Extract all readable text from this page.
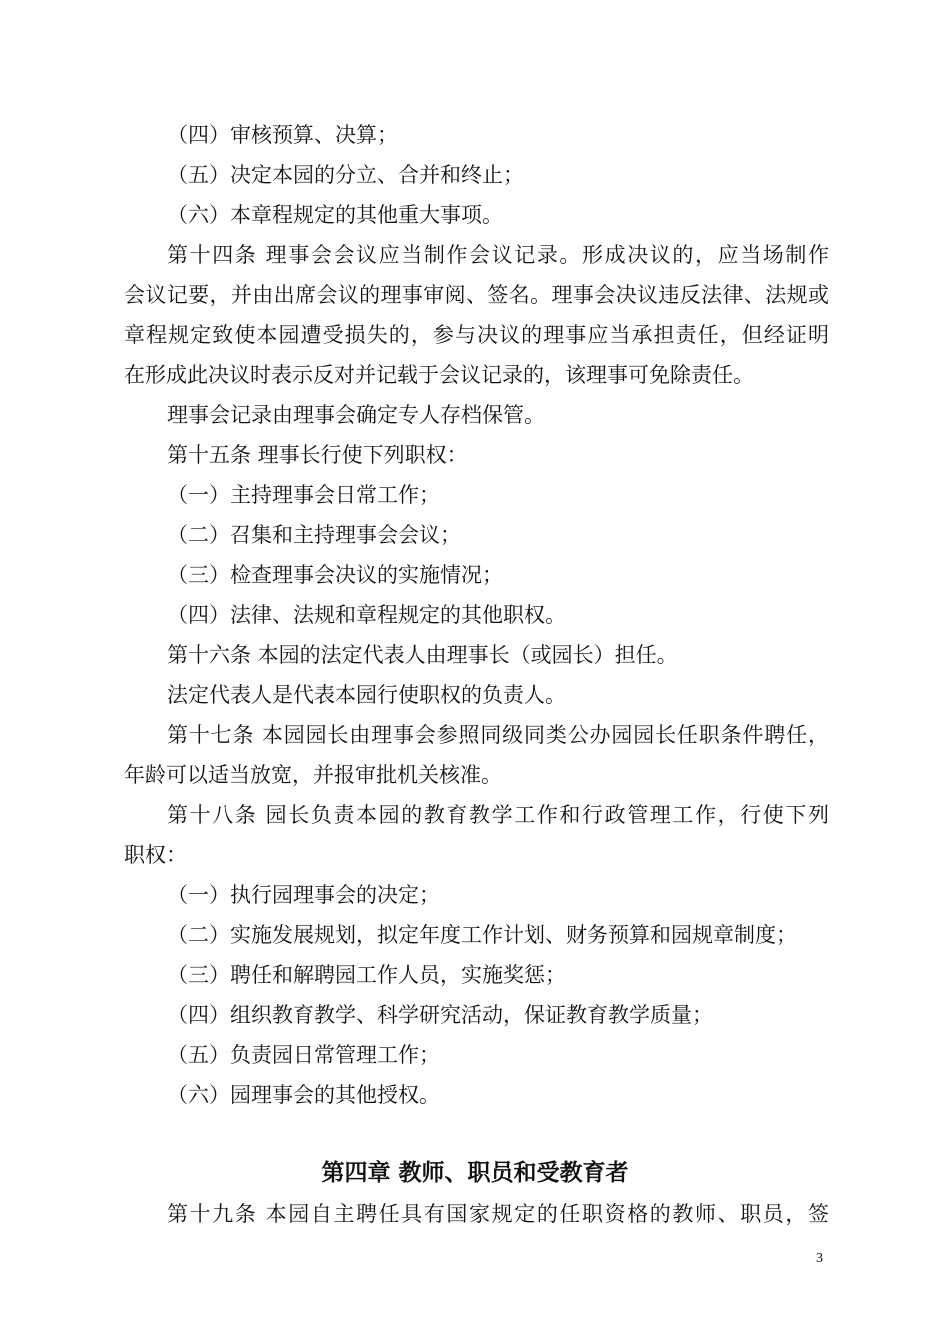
（四）审核预算、决算；
（五）决定本园的分立、合并和终止；
（六）本章程规定的其他重大事项。
第十四条 理事会会议应当制作会议记录。形成决议的，应当场制作
会议记要，并由出席会议的理事审阅、签名。理事会决议违反法律、法规或
章程规定致使本园遭受损失的，参与决议的理事应当承担责任，但经证明
在形成此决议时表示反对并记载于会议记录的，该理事可免除责任。
理事会记录由理事会确定专人存档保管。
第十五条 理事长行使下列职权：
（一）主持理事会日常工作；
（二）召集和主持理事会会议；
（三）检查理事会决议的实施情况；
（四）法律、法规和章程规定的其他职权。
第十六条 本园的法定代表人由理事长（或园长）担任。
法定代表人是代表本园行使职权的负责人。
第十七条 本园园长由理事会参照同级同类公办园园长任职条件聘任，
年龄可以适当放宽，并报审批机关核准。
第十八条 园长负责本园的教育教学工作和行政管理工作，行使下列
职权：
（一）执行园理事会的决定；
（二）实施发展规划，拟定年度工作计划、财务预算和园规章制度；
（三）聘任和解聘园工作人员，实施奖惩；
（四）组织教育教学、科学研究活动，保证教育教学质量；
（五）负责园日常管理工作；
（六）园理事会的其他授权。
第四章 教师、职员和受教育者
第十九条 本园自主聘任具有国家规定的任职资格的教师、职员，签
3
